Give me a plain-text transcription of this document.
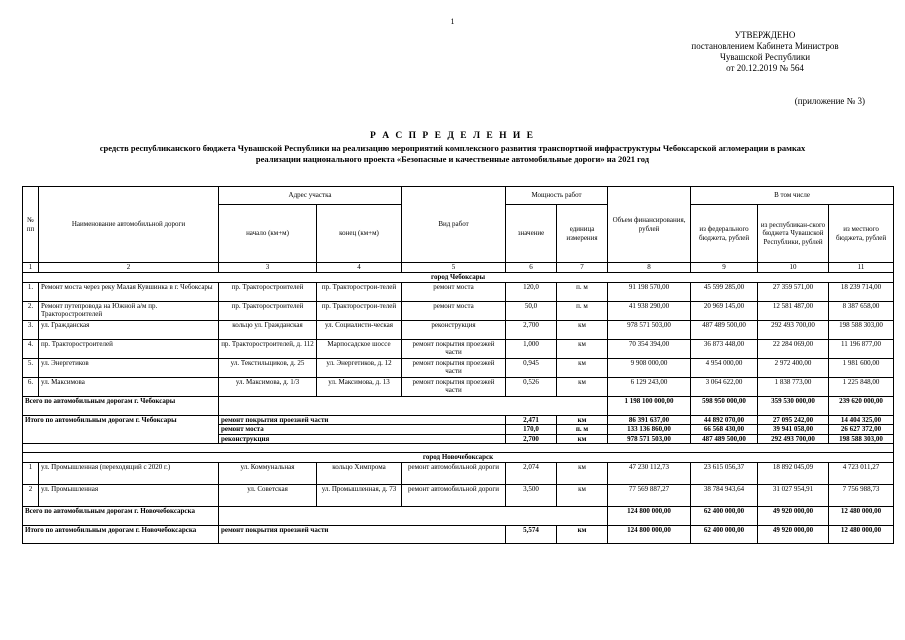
1
УТВЕРЖДЕНО
постановлением Кабинета Министров
Чувашской Республики
от 20.12.2019 № 564
(приложение № 3)
Р А С П Р Е Д Е Л Е Н И Е
средств республиканского бюджета Чувашской Республики на реализацию мероприятий комплексного развития транспортной инфраструктуры Чебоксарской агломерации в рамках
реализации национального проекта «Безопасные и качественные автомобильные дороги» на 2021 год
№ пп	Наименование автомобильной дороги	Адрес участка		Вид работ	Мощность работ		Объем финансирования, рублей	В том числе		
		начало (км+м)	конец (км+м)		значение	единица измерения		из федерального бюджета, рублей	из республикан-ского бюджета Чувашской Республики, рублей	из местного бюджета, рублей
1	2	3	4	5	6	7	8	9	10	11
город Чебоксары										
1.	Ремонт моста через реку Малая Кувшинка в г. Чебоксары	пр. Тракторостроителей	пр. Тракторострои-телей	ремонт моста	120,0	п. м	91 198 570,00	45 599 285,00	27 359 571,00	18 239 714,00
2.	Ремонт путепровода на Южной а/м пр. Тракторостроителей	пр. Тракторостроителей	пр. Тракторострои-телей	ремонт моста	50,0	п. м	41 938 290,00	20 969 145,00	12 581 487,00	8 387 658,00
3.	ул. Гражданская	кольцо ул. Гражданская	ул. Социалисти-ческая	реконструкция	2,700	км	978 571 503,00	487 489 500,00	292 493 700,00	198 588 303,00
4.	пр. Тракторостроителей	пр. Тракторостроителей, д. 112	Марпосадское шоссе	ремонт покрытия проезжей части	1,000	км	70 354 394,00	36 873 448,00	22 284 069,00	11 196 877,00
5.	ул. Энергетиков	ул. Текстильщиков, д. 25	ул. Энергетиков, д. 12	ремонт покрытия проезжей части	0,945	км	9 908 000,00	4 954 000,00	2 972 400,00	1 981 600,00
6.	ул. Максимова	ул. Максимова, д. 1/3	ул. Максимова, д. 13	ремонт покрытия проезжей части	0,526	км	6 129 243,00	3 064 622,00	1 838 773,00	1 225 848,00
Всего по автомобильным дорогам г. Чебоксары							1 198 100 000,00	598 950 000,00	359 530 000,00	239 620 000,00
Итого по автомобильным дорогам г. Чебоксары		ремонт покрытия проезжей части			2,471	км	86 391 637,00	44 892 070,00	27 095 242,00	14 404 325,00
		ремонт моста			170,0	п. м	133 136 860,00	66 568 430,00	39 941 058,00	26 627 372,00
		реконструкция			2,700	км	978 571 503,00	487 489 500,00	292 493 700,00	198 588 303,00

город Новочебоксарск										
1	ул. Промышленная (переходящий с 2020 г.)	ул. Коммунальная	кольцо Химпрома	ремонт автомобильной дороги	2,074	км	47 230 112,73	23 615 056,37	18 892 045,09	4 723 011,27
2	ул. Промышленная	ул. Советская	ул. Промышленная, д. 73	ремонт автомобильной дороги	3,500	км	77 569 887,27	38 784 943,64	31 027 954,91	7 756 988,73
Всего по автомобильным дорогам г. Новочебоксарска							124 800 000,00	62 400 000,00	49 920 000,00	12 480 000,00
Итого по автомобильным дорогам г. Новочебоксарска		ремонт покрытия проезжей части			5,574	км	124 800 000,00	62 400 000,00	49 920 000,00	12 480 000,00
